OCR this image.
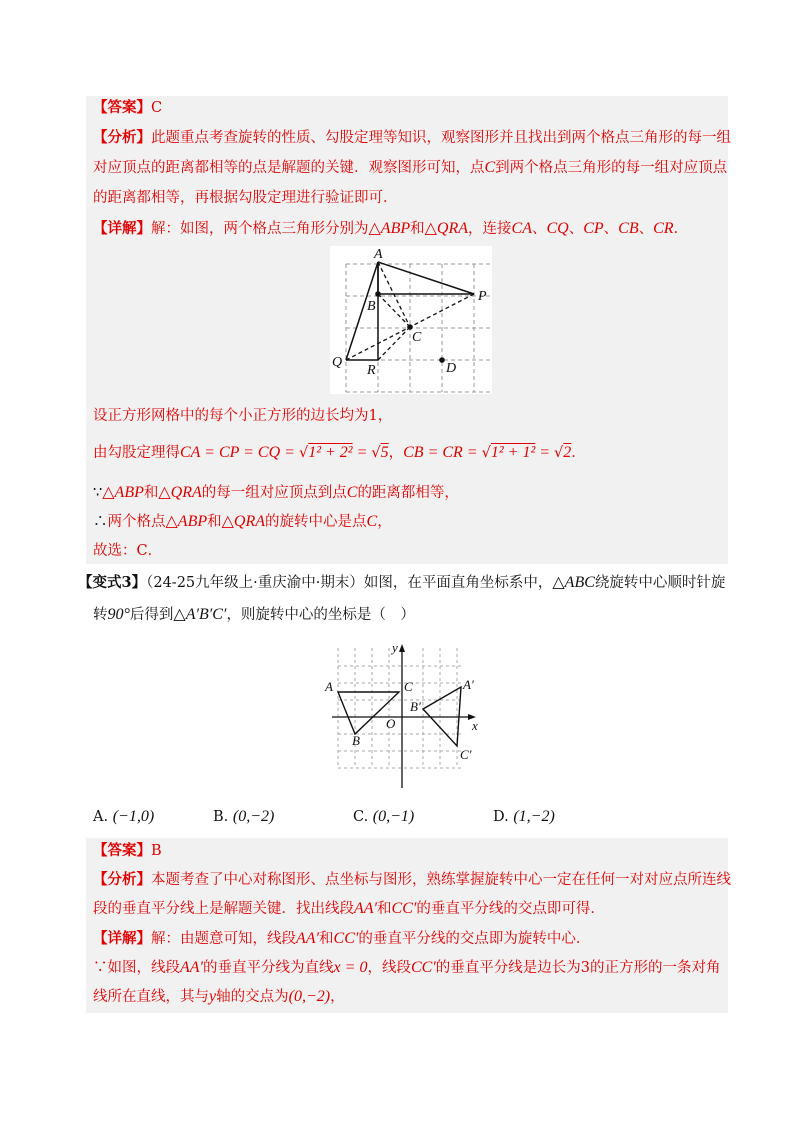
【答案】C
【分析】此题重点考查旋转的性质、勾股定理等知识，观察图形并且找出到两个格点三角形的每一组
对应顶点的距离都相等的点是解题的关键．观察图形可知，点C到两个格点三角形的每一组对应顶点
的距离都相等，再根据勾股定理进行验证即可．
【详解】解：如图，两个格点三角形分别为△ABP和△QRA，连接CA、CQ、CP、CB、CR．
A
B
P
C
Q
R	D
设正方形网格中的每个小正方形的边长均为1，
由勾股定理得CA = CP = CQ = √1² + 2² = √5，CB = CR = √1² + 1² = √2．
∵△ABP和△QRA的每一组对应顶点到点C的距离都相等，
∴两个格点△ABP和△QRA的旋转中心是点C，
故选：C．
【变式3】（24-25九年级上·重庆渝中·期末）如图，在平面直角坐标系中，△ABC绕旋转中心顺时针旋
转90°后得到△A′B′C′，则旋转中心的坐标是（　）
y
x
O
A
B
C	A′
B′
C′
A. (−1,0)	B. (0,−2)	C. (0,−1)	D. (1,−2)
【答案】B
【分析】本题考查了中心对称图形、点坐标与图形，熟练掌握旋转中心一定在任何一对对应点所连线
段的垂直平分线上是解题关键．找出线段AA′和CC′的垂直平分线的交点即可得．
【详解】解：由题意可知，线段AA′和CC′的垂直平分线的交点即为旋转中心．
∵如图，线段AA′的垂直平分线为直线x = 0，线段CC′的垂直平分线是边长为3的正方形的一条对角
线所在直线，其与y轴的交点为(0,−2)，
